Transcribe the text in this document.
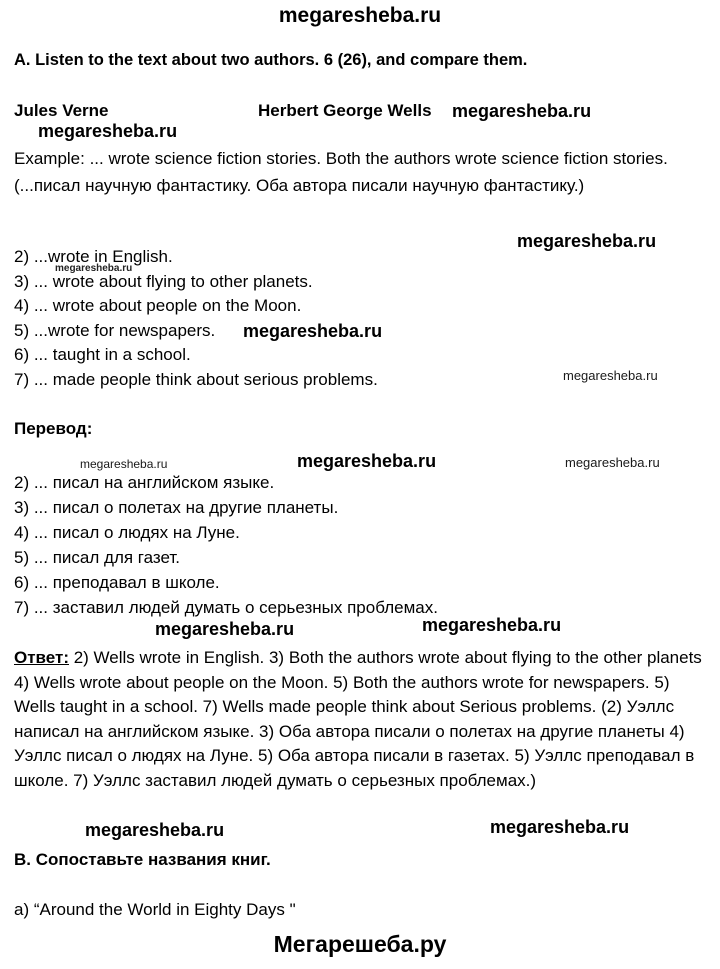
megaresheba.ru
A. Listen to the text about two authors. 6 (26), and compare them.
Jules Verne	Herbert George Wells megaresheba.ru
megaresheba.ru
Example: ... wrote science fiction stories. Both the authors wrote science fiction stories.(...писал научную фантастику. Оба автора писали научную фантастику.)
megaresheba.ru
2) ...wrote in English.
3) ... wrote about flying to other planets.
4) ... wrote about people on the Moon.
5) ...wrote for newspapers.
6) ... taught in a school.
7) ... made people think about serious problems.
megaresheba.ru
megaresheba.ru
megaresheba.ru
Перевод:
megaresheba.ru	megaresheba.ru	megaresheba.ru
2) ... писал на английском языке.
3) ... писал о полетах на другие планеты.
4) ... писал о людях на Луне.
5) ... писал для газет.
6) ... преподавал в школе.
7) ... заставил людей думать о серьезных проблемах.
megaresheba.ru	megaresheba.ru
Ответ: 2) Wells wrote in English. 3) Both the authors wrote about flying to the other planets 4) Wells wrote about people on the Moon. 5) Both the authors wrote for newspapers. 5) Wells taught in a school. 7) Wells made people think about Serious problems. (2) Уэллс написал на английском языке. 3) Оба автора писали о полетах на другие планеты 4) Уэллс писал о людях на Луне. 5) Оба автора писали в газетах. 5) Уэллс преподавал в школе. 7) Уэллс заставил людей думать о серьезных проблемах.)
megaresheba.ru	megaresheba.ru
B. Сопоставьте названия книг.
a) “Around the World in Eighty Days "
Мегарешеба.ру
